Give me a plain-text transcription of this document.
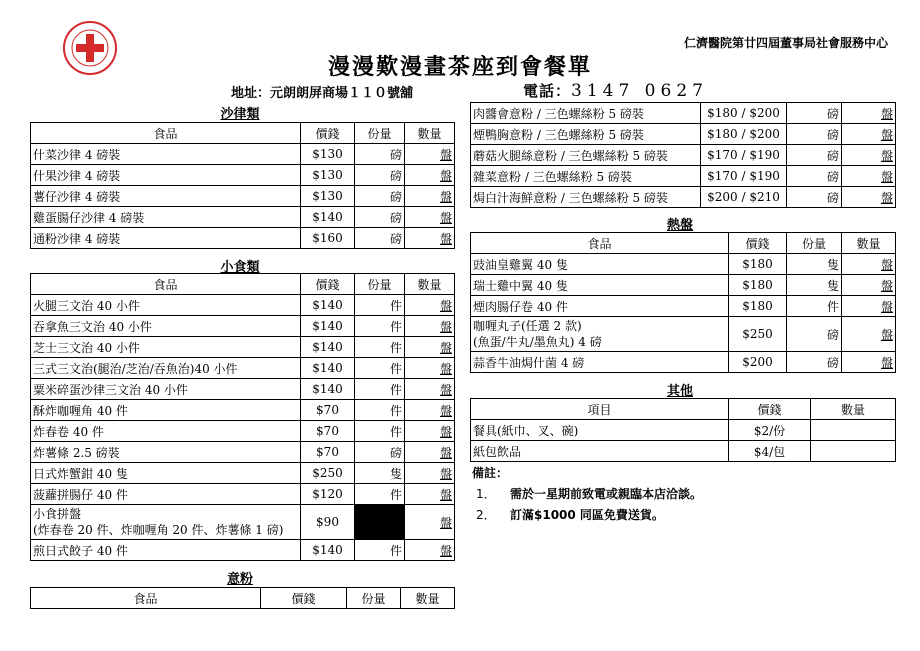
仁濟醫院第廿四屆董事局社會服務中心
漫漫歎漫畫茶座到會餐單
地址：元朗朗屏商場１１０號舖	電話：3147 0627
沙律類
食品	價錢	份量	數量
什菜沙律 4 磅裝	$130	磅	盤
什果沙律 4 磅裝	$130	磅	盤
薯仔沙律 4 磅裝	$130	磅	盤
雞蛋腸仔沙律 4 磅裝	$140	磅	盤
通粉沙律 4 磅裝	$160	磅	盤
小食類
食品	價錢	份量	數量
火腿三文治 40 小件	$140	件	盤
吞拿魚三文治 40 小件	$140	件	盤
芝士三文治 40 小件	$140	件	盤
三式三文治(腿治/芝治/吞魚治)40 小件	$140	件	盤
粟米碎蛋沙律三文治 40 小件	$140	件	盤
酥炸咖喱角 40 件	$70	件	盤
炸春卷 40 件	$70	件	盤
炸薯條 2.5 磅裝	$70	磅	盤
日式炸蟹鉗 40 隻	$250	隻	盤
菠蘿拼腸仔 40 件	$120	件	盤

小食拼盤
(炸春卷 20 件、炸咖喱角 20 件、炸薯條 1 磅)	$90		盤
煎日式餃子 40 件	$140	件	盤
意粉
食品	價錢	份量	數量
肉醬會意粉 / 三色螺絲粉 5 磅裝	$180 / $200	磅	盤
煙鴨胸意粉 / 三色螺絲粉 5 磅裝	$180 / $200	磅	盤
蘑菇火腿絲意粉 / 三色螺絲粉 5 磅裝	$170 / $190	磅	盤
雜菜意粉 / 三色螺絲粉 5 磅裝	$170 / $190	磅	盤
焗白汁海鮮意粉 / 三色螺絲粉 5 磅裝	$200 / $210	磅	盤
熱盤
食品	價錢	份量	數量
豉油皇雞翼 40 隻	$180	隻	盤
瑞士雞中翼 40 隻	$180	隻	盤
煙肉腸仔卷 40 件	$180	件	盤

咖喱丸子(任選 2 款)
(魚蛋/牛丸/墨魚丸) 4 磅	$250	磅	盤
蒜香牛油焗什菌 4 磅	$200	磅	盤
其他
項目	價錢	數量
餐具(紙巾、叉、碗)	$2/份	
紙包飲品	$4/包	
備註：
1． 需於一星期前致電或親臨本店洽談。
2． 訂滿$1000 同區免費送貨。
